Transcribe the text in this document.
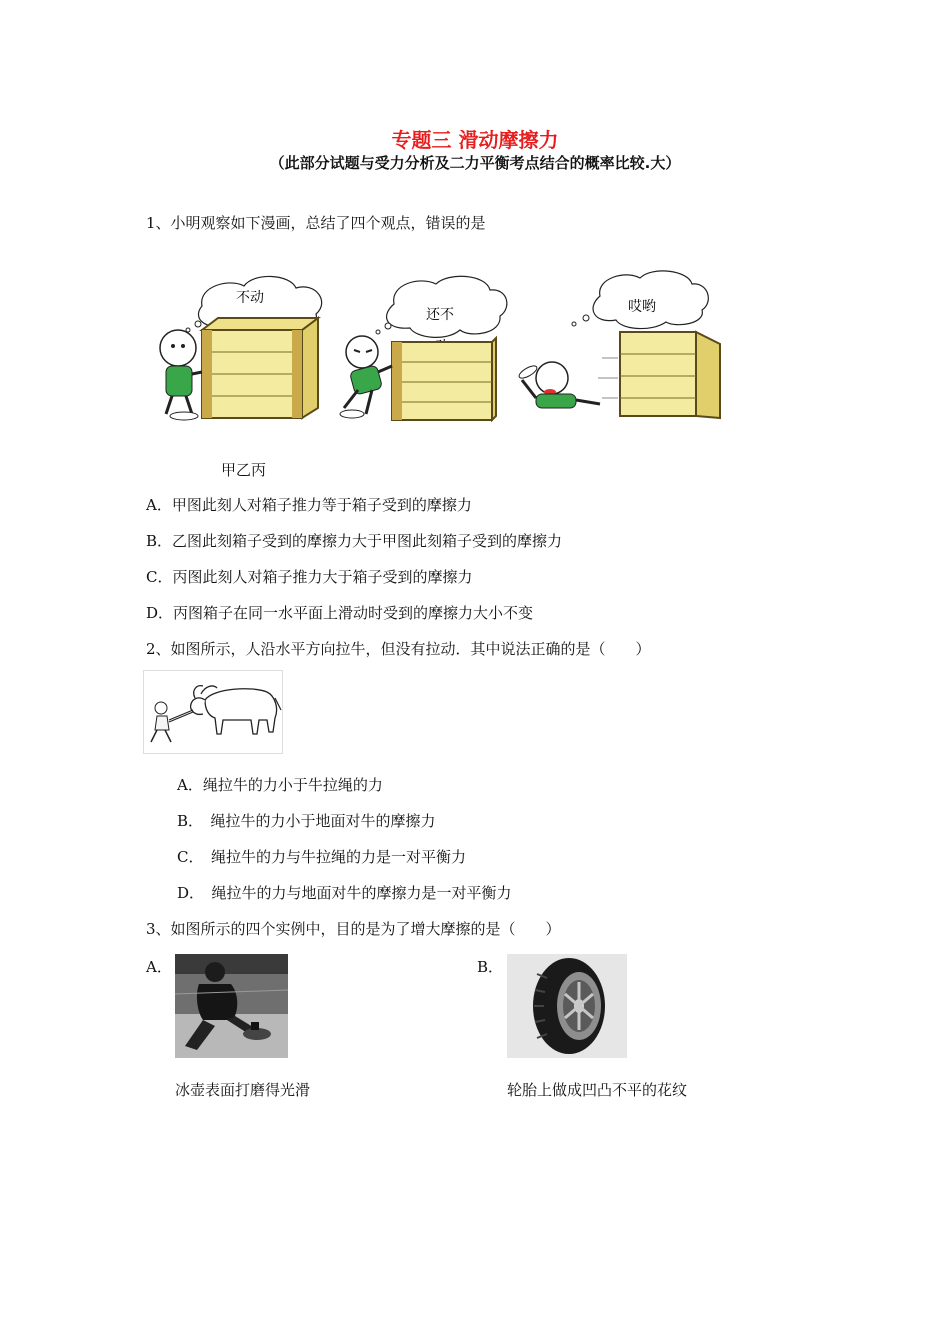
专题三 滑动摩擦力
（此部分试题与受力分析及二力平衡考点结合的概率比较.大）
1、小明观察如下漫画，总结了四个观点，错误的是
不动
还不	哎哟
甲乙丙
A．甲图此刻人对箱子推力等于箱子受到的摩擦力
B．乙图此刻箱子受到的摩擦力大于甲图此刻箱子受到的摩擦力
C．丙图此刻人对箱子推力大于箱子受到的摩擦力
D．丙图箱子在同一水平面上滑动时受到的摩擦力大小不变
2、如图所示，人沿水平方向拉牛，但没有拉动．其中说法正确的是（　　）
A．绳拉牛的力小于牛拉绳的力
B．　绳拉牛的力小于地面对牛的摩擦力
C．　绳拉牛的力与牛拉绳的力是一对平衡力
D．　绳拉牛的力与地面对牛的摩擦力是一对平衡力
3、如图所示的四个实例中，目的是为了增大摩擦的是（　　）
A．
冰壶表面打磨得光滑
B．
轮胎上做成凹凸不平的花纹
